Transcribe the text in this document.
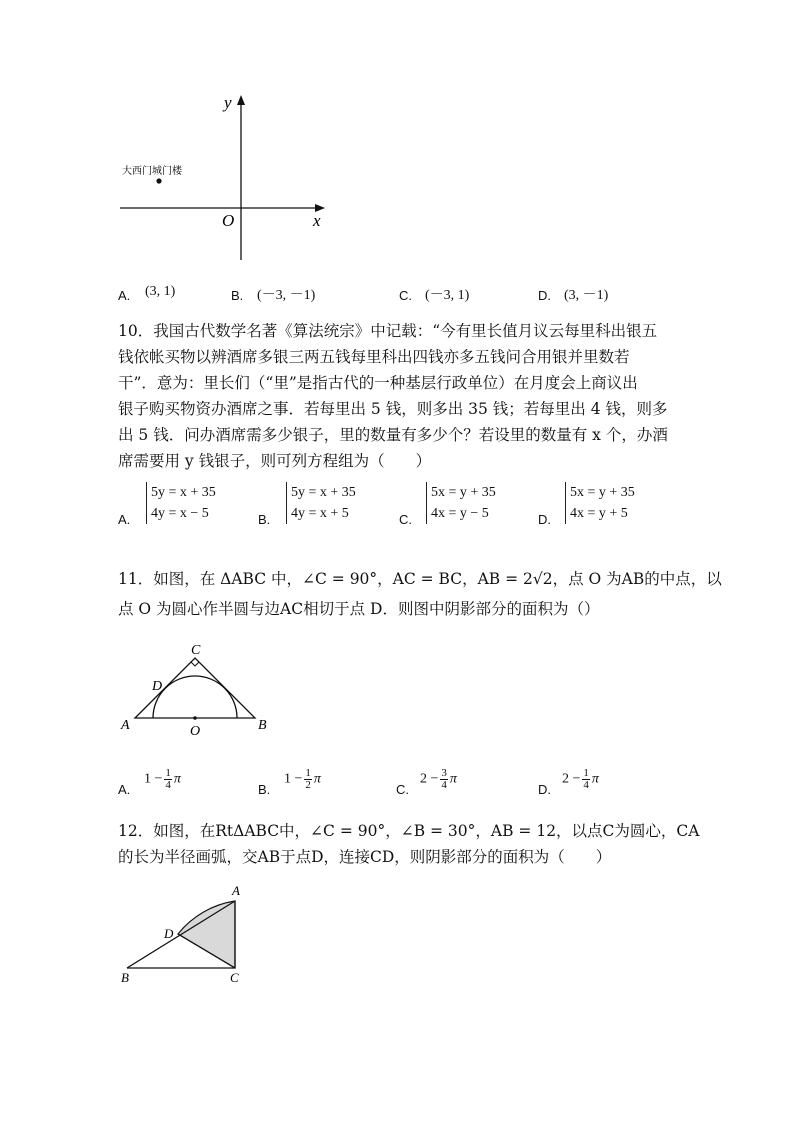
y
x
O
大西门城门楼
A. (3, 1)	B. (－3, －1)	C. (－3, 1)	D. (3, －1)
10．我国古代数学名著《算法统宗》中记载：“今有里长值月议云每里科出银五
钱依帐买物以辨酒席多银三两五钱每里科出四钱亦多五钱问合用银并里数若
干”．意为：里长们（“里”是指古代的一种基层行政单位）在月度会上商议出
银子购买物资办酒席之事．若每里出 5 钱，则多出 35 钱；若每里出 4 钱，则多
出 5 钱．问办酒席需多少银子，里的数量有多少个？若设里的数量有 x 个，办酒
席需要用 y 钱银子，则可列方程组为（　　）
A.
5y = x + 35
4y = x − 5	B.
5y = x + 35
4y = x + 5	C.
5x = y + 35
4x = y − 5	D.
5x = y + 35
4x = y + 5
11．如图，在 ΔABC 中，∠C = 90°，AC = BC，AB = 2√2，点 O 为AB的中点，以
点 O 为圆心作半圆与边AC相切于点 D．则图中阴影部分的面积为（）
C
D
A	B
O
A.
$1 - \frac{1}{4}$ π
B.
$1 - \frac{1}{2}$ π
C.
$2 - \frac{3}{4}$ π
D.
$2 - \frac{1}{4}$ π
12．如图，在RtΔABC中，∠C = 90°，∠B = 30°，AB = 12，以点C为圆心，CA
的长为半径画弧，交AB于点D，连接CD，则阴影部分的面积为（　　）
A
D
B	C
